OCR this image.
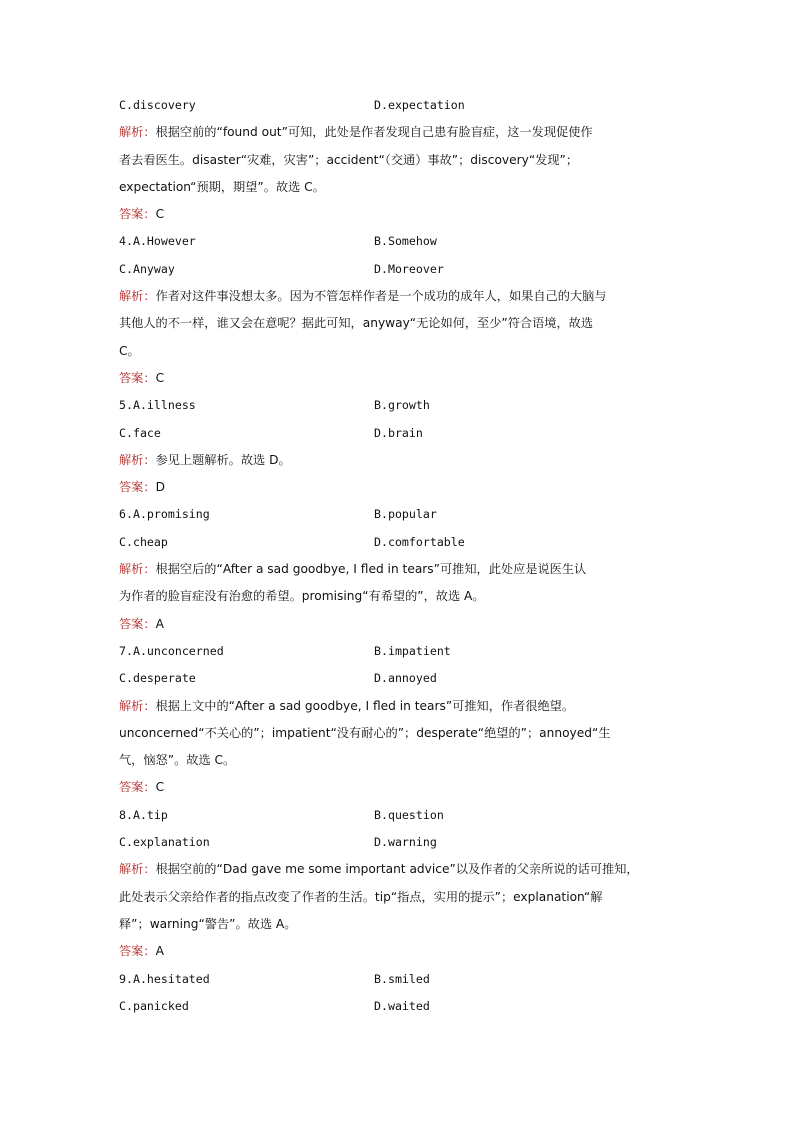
C.discovery	D.expectation
解析：根据空前的“found out”可知，此处是作者发现自己患有脸盲症，这一发现促使作
者去看医生。disaster“灾难，灾害”；accident“（交通）事故”；discovery“发现”；
expectation“预期，期望”。故选 C。
答案：C
4.A.However	B.Somehow
C.Anyway	D.Moreover
解析：作者对这件事没想太多。因为不管怎样作者是一个成功的成年人，如果自己的大脑与
其他人的不一样，谁又会在意呢？据此可知，anyway“无论如何，至少”符合语境，故选
C。
答案：C
5.A.illness	B.growth
C.face	D.brain
解析：参见上题解析。故选 D。
答案：D
6.A.promising	B.popular
C.cheap	D.comfortable
解析：根据空后的“After a sad goodbye, I fled in tears”可推知，此处应是说医生认
为作者的脸盲症没有治愈的希望。promising“有希望的”，故选 A。
答案：A
7.A.unconcerned	B.impatient
C.desperate	D.annoyed
解析：根据上文中的“After a sad goodbye, I fled in tears”可推知，作者很绝望。
unconcerned“不关心的”；impatient“没有耐心的”；desperate“绝望的”；annoyed“生
气，恼怒”。故选 C。
答案：C
8.A.tip	B.question
C.explanation	D.warning
解析：根据空前的“Dad gave me some important advice”以及作者的父亲所说的话可推知，
此处表示父亲给作者的指点改变了作者的生活。tip“指点，实用的提示”；explanation“解
释”；warning“警告”。故选 A。
答案：A
9.A.hesitated	B.smiled
C.panicked	D.waited
